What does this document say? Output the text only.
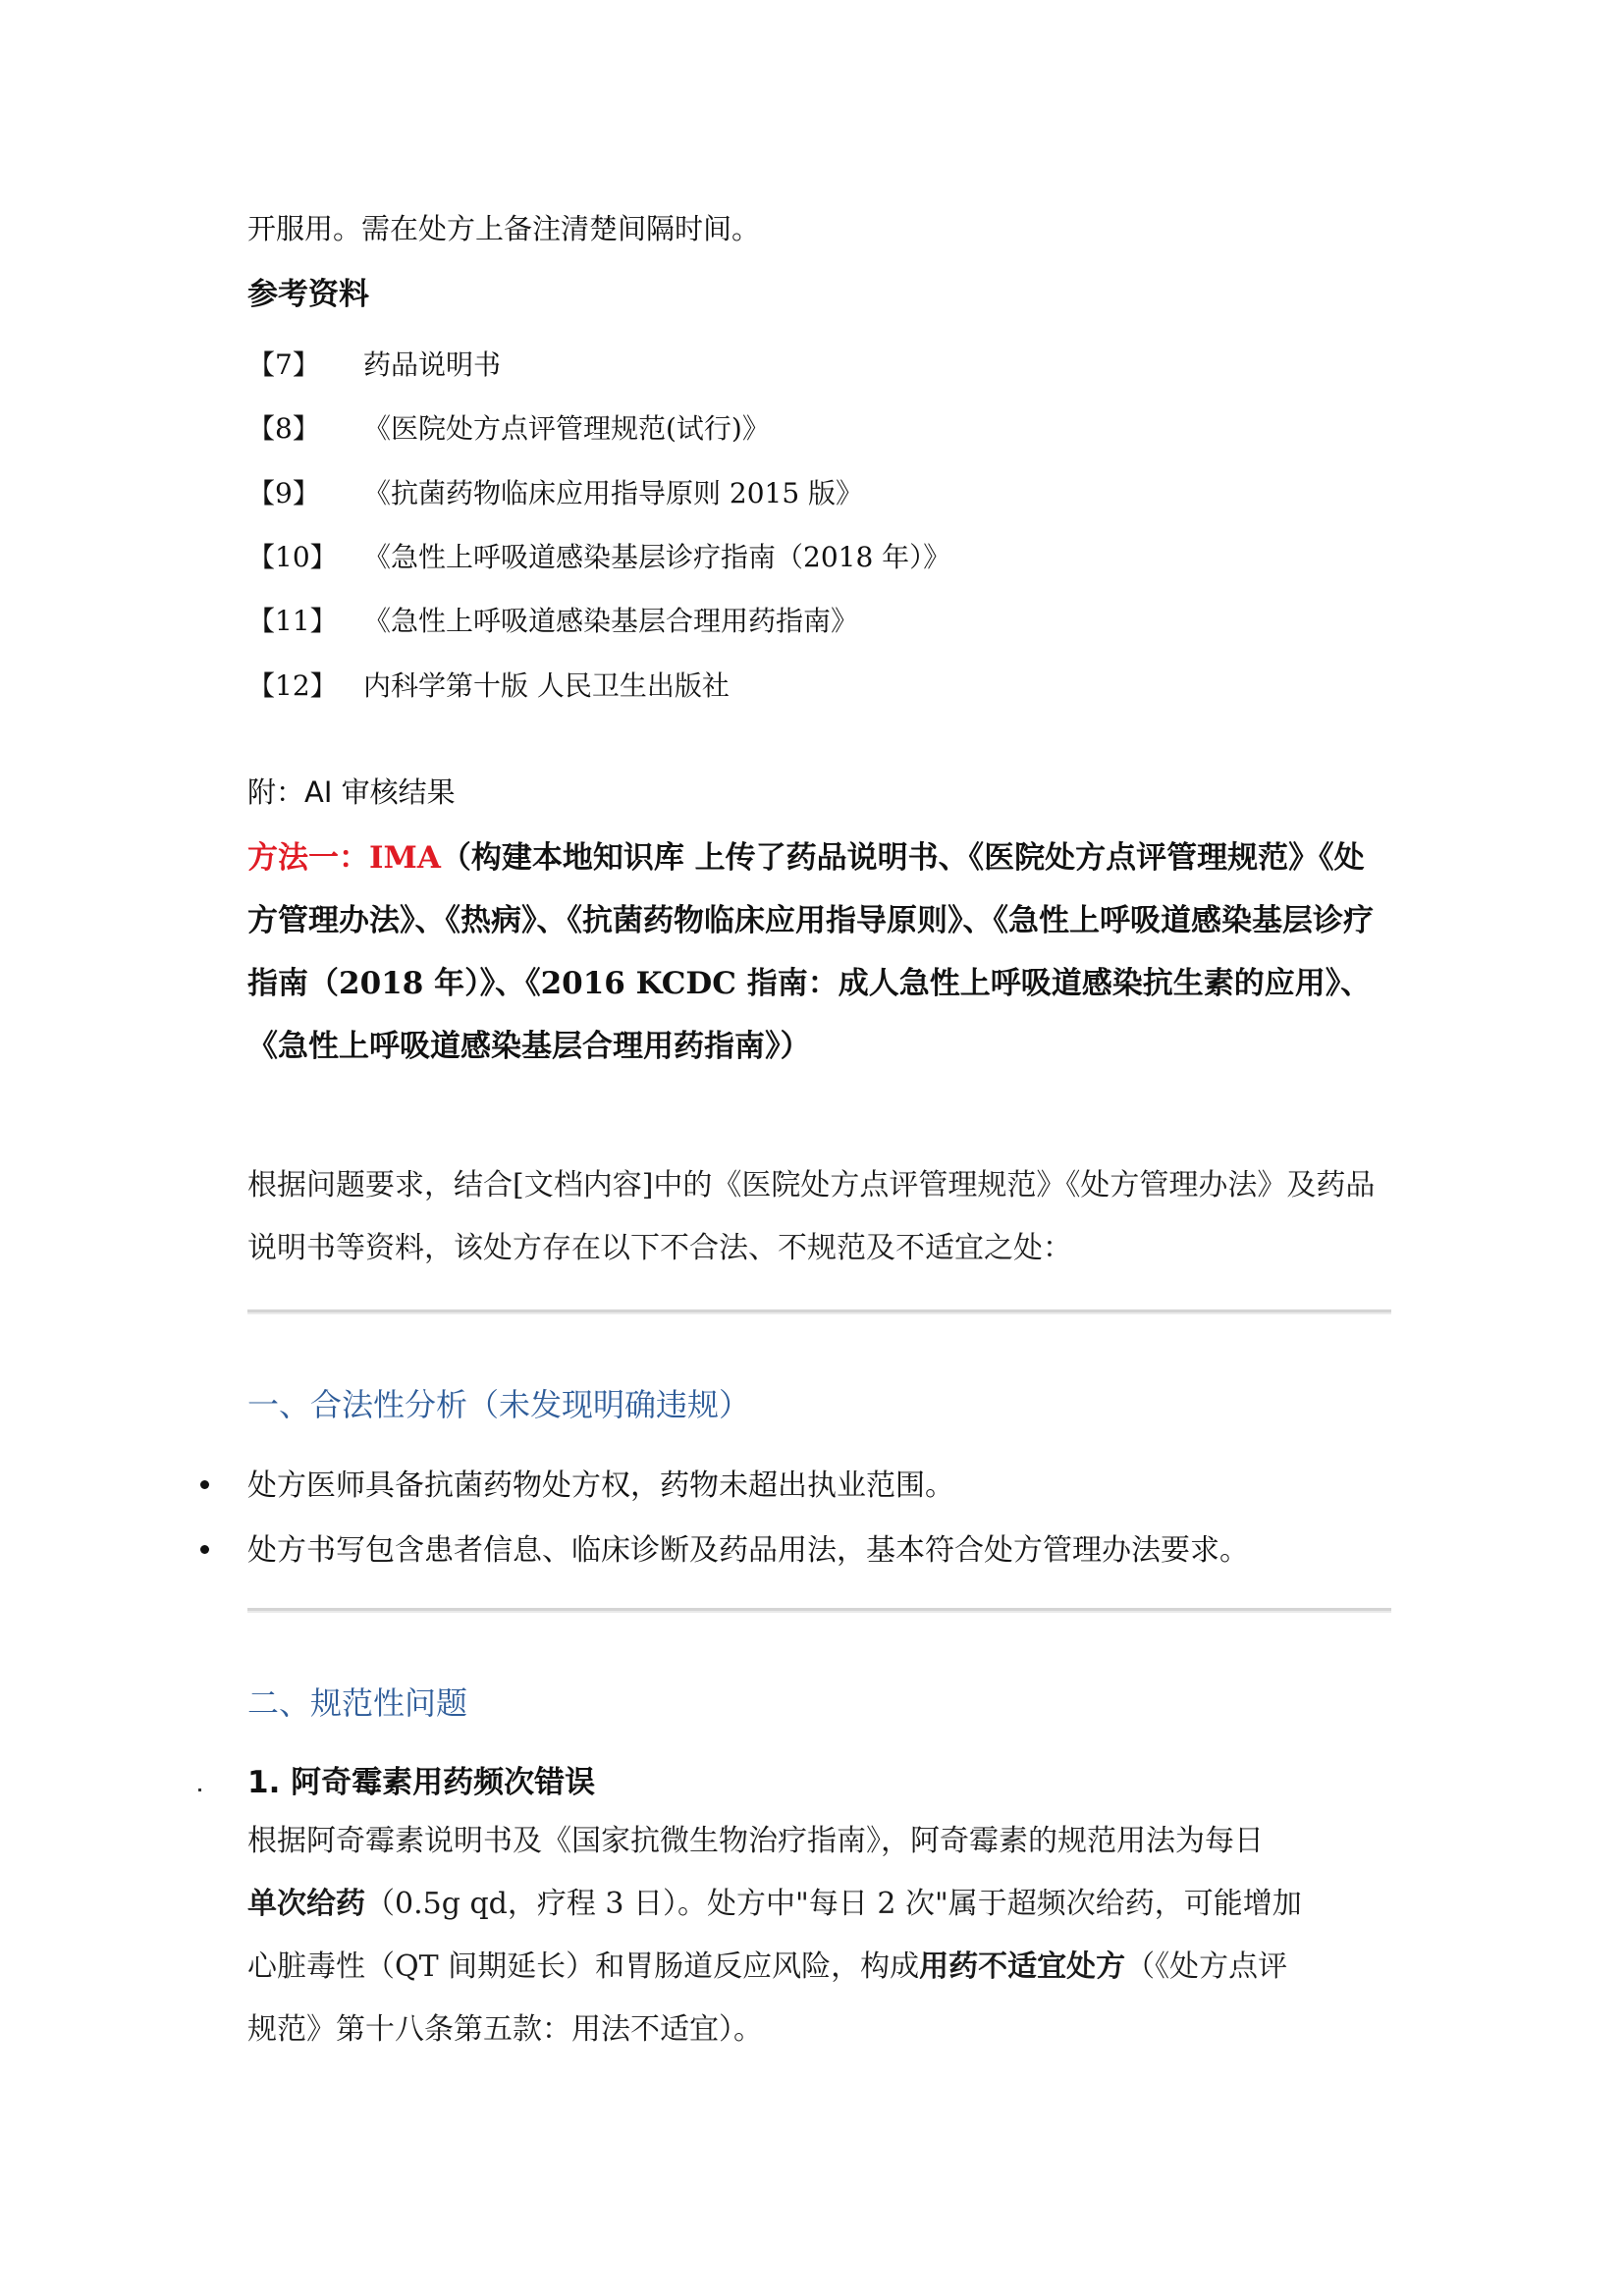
开服用。需在处方上备注清楚间隔时间。
参考资料
【7】 药品说明书
【8】 《医院处方点评管理规范(试行)》
【9】 《抗菌药物临床应用指导原则 2015 版》
【10】 《急性上呼吸道感染基层诊疗指南（2018 年）》
【11】 《急性上呼吸道感染基层合理用药指南》
【12】 内科学第十版 人民卫生出版社
附：AI 审核结果
方法一：IMA（构建本地知识库 上传了药品说明书、《医院处方点评管理规范》《处方管理办法》、《热病》、《抗菌药物临床应用指导原则》、《急性上呼吸道感染基层诊疗指南（2018 年）》、《2016 KCDC 指南：成人急性上呼吸道感染抗生素的应用》、《急性上呼吸道感染基层合理用药指南》）
根据问题要求，结合[文档内容]中的《医院处方点评管理规范》《处方管理办法》及药品说明书等资料，该处方存在以下不合法、不规范及不适宜之处：
一、合法性分析（未发现明确违规）
处方医师具备抗菌药物处方权，药物未超出执业范围。
处方书写包含患者信息、临床诊断及药品用法，基本符合处方管理办法要求。
二、规范性问题
1. 阿奇霉素用药频次错误
根据阿奇霉素说明书及《国家抗微生物治疗指南》，阿奇霉素的规范用法为每日
单次给药（0.5g qd，疗程 3 日）。处方中"每日 2 次"属于超频次给药，可能增加
心脏毒性（QT 间期延长）和胃肠道反应风险，构成用药不适宜处方（《处方点评
规范》第十八条第五款：用法不适宜）。
